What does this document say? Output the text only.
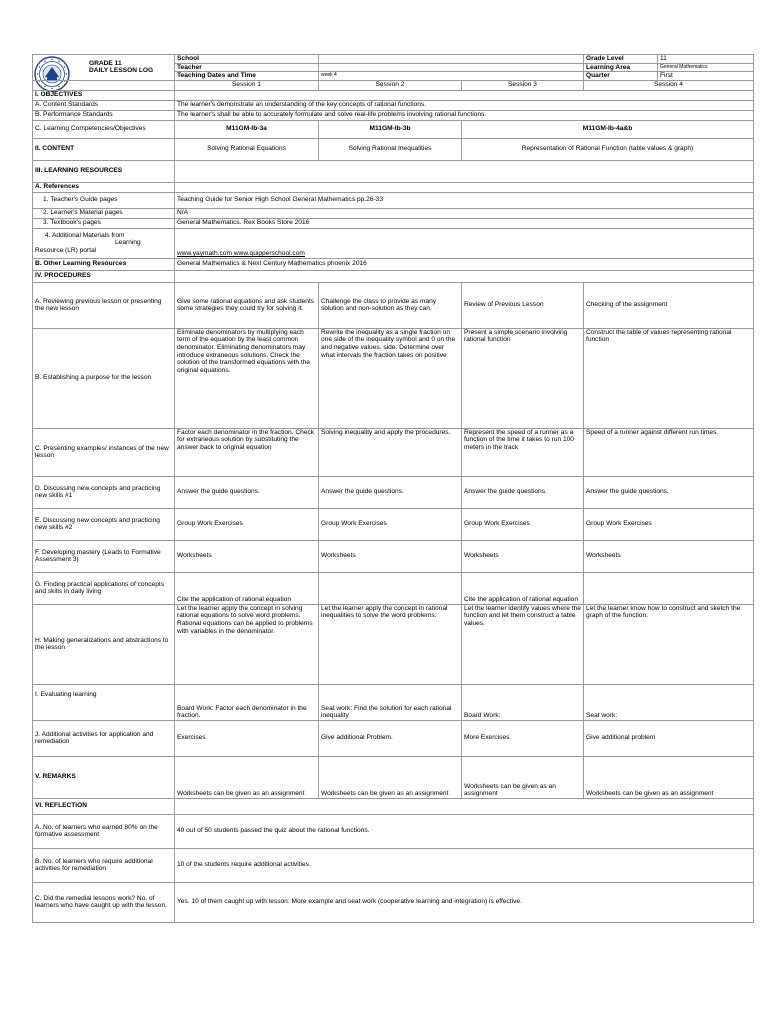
GRADE 11
DAILY LESSON LOG	School			Grade Level	11
	Teacher			Learning Area	General Mathematics
	Teaching Dates and Time	week 4		Quarter	First
	Session 1	Session 2	Session 3	Session 4	
I. OBJECTIVES					
A. Content Standards	The learner's demonstrate an understanding of the key concepts of rational functions.				
B. Performance Standards	The learner's shall be able to accurately formulate and solve real-life problems involving rational functions.				
C. Learning Competencies/Objectives	M11GM-Ib-3a	M11GM-Ib-3b	M11GM-Ib-4a&b		
II. CONTENT	Solving Rational Equations	Solving Rational Inequalities	Representation of Rational Function (table values & graph)		
III. LEARNING RESOURCES					
A. References					
1. Teacher's Guide pages	Teaching Guide for Senior High School General Mathematics pp.26-33				
2. Learner's Material pages	N/A				
3. Textbook's pages	General Mathematics. Rex Books Store 2016				

4. Additional Materials from
Learning
Resource (LR) portal	www.yaymath.com www.quipperschool.com				
B. Other Learning Resources	General Mathematics & Next Century Mathematics phoenix 2016				
IV. PROCEDURES					
A. Reviewing previous lesson or presenting the new lesson	Give some rational equations and ask students some strategies they could try for solving it.	Challenge the class to provide as many solution and non-solution as they can.	Review of Previous Lesson	Checking of the assignment	
B. Establishing a purpose for the lesson	Eliminate denominators by multiplying each term of the equation by the least common denominator. Eliminating denominators may introduce extraneous solutions. Check the solution of the transformed equations with the original equations.	Rewrite the inequality as a single fraction on one side of the inequality symbol and 0 on the and negative values. side. Determine over what intervals the fraction takes on positive	Present a simple scenario involving rational function	Construct the table of values representing rational function	
C. Presenting examples/ instances of the new lesson	Factor each denominator in the fraction. Check for extraneous solution by substituting the answer back to original equation	Solving inequality and apply the procedures.	Represent the speed of a runner as a function of the time it takes to run 100 meters in the track	Speed of a runner against different run times.	
D. Discussing new concepts and practicing new skills #1	Answer the guide questions.	Answer the guide questions.	Answer the guide questions.	Answer the guide questions.	
E. Discussing new concepts and practicing new skills #2	Group Work Exercises	Group Work Exercises	Group Work Exercises	Group Work Exercises	
F. Developing mastery (Leads to Formative Assessment 3)	Worksheets	Worksheets	Worksheets	Worksheets	
G. Finding practical applications of concepts and skills in daily living	Cite the application of rational equation		Cite the application of rational equation		
H. Making generalizations and abstractions to the lesson	Let the learner apply the concept in solving rational equations to solve word problems. Rational equations can be applied to problems with variables in the denominator.	Let the learner apply the concept in rational inequalities to solve the word problems.	Let the learner identify values where the function and let them construct a table values.	Let the learner know how to construct and sketch the graph of the function.	
I. Evaluating learning	Board Work: Factor each denominator in the fraction.	Seat work: Find the solution for each rational inequality	Board Work:	Seat work:	
J. Additional activities for application and remediation	Exercises	Give additional Problem.	More Exercises	Give additional problem	
V. REMARKS	Worksheets can be given as an assignment	Worksheets can be given as an assignment	Worksheets can be given as an assignment	Worksheets can be given as an assignment	
VI. REFLECTION					
A. No. of learners who earned 80% on the formative assessment	40 out of 50 students passed the quiz about the rational functions.				
B. No. of learners who require additional activities for remediation	10 of the students require additional activities.				
C. Did the remedial lessons work? No. of learners who have caught up with the lesson.	Yes. 10 of them caught up with lesson. More example and seat work (cooperative learning and integration) is effective.				
